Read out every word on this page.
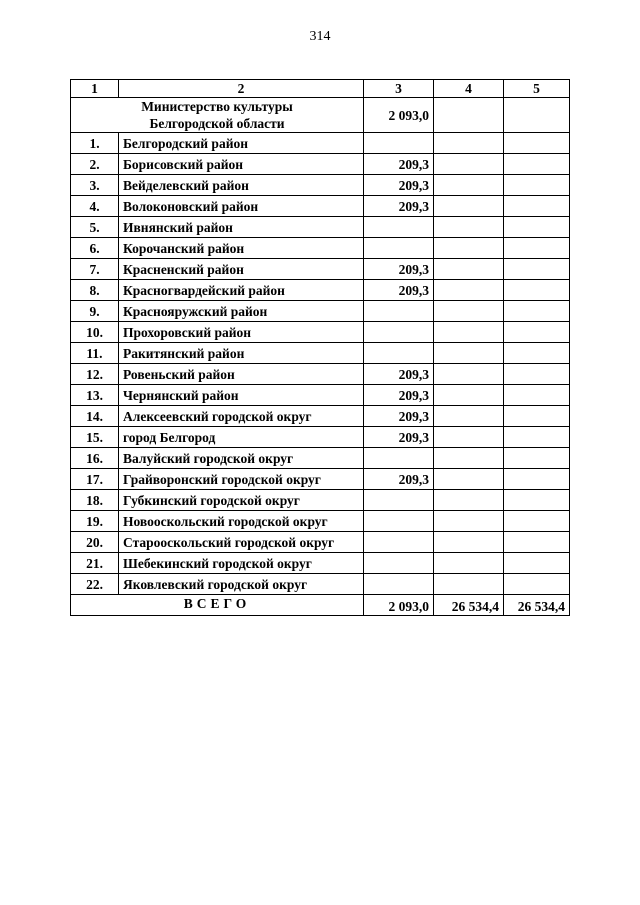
314
1	2	3	4	5

Министерство культуры
Белгородской области		2 093,0		
1.	Белгородский район			
2.	Борисовский район	209,3		
3.	Вейделевский район	209,3		
4.	Волоконовский район	209,3		
5.	Ивнянский район			
6.	Корочанский район			
7.	Красненский район	209,3		
8.	Красногвардейский район	209,3		
9.	Краснояружский район			
10.	Прохоровский район			
11.	Ракитянский район			
12.	Ровеньский район	209,3		
13.	Чернянский район	209,3		
14.	Алексеевский городской округ	209,3		
15.	город Белгород	209,3		
16.	Валуйский городской округ			
17.	Грайворонский городской округ	209,3		
18.	Губкинский городской округ			
19.	Новооскольский городской округ			
20.	Старооскольский городской округ			
21.	Шебекинский городской округ			
22.	Яковлевский городской округ			
ВСЕГО		2 093,0	26 534,4	26 534,4
